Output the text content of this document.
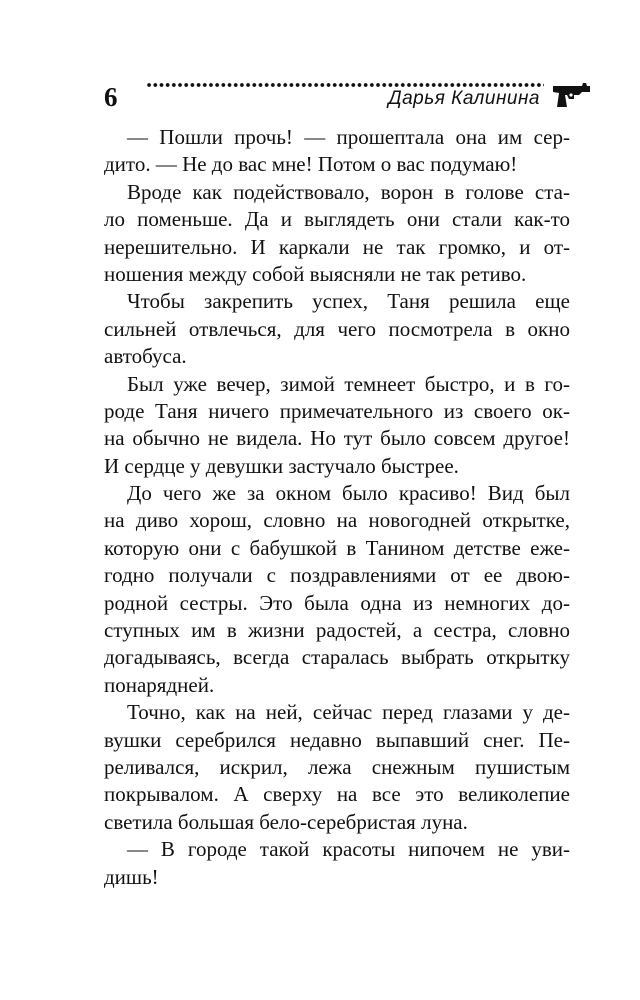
6	Дарья Калинина

— Пошли прочь! — прошептала она им сер-
дито. — Не до вас мне! Потом о вас подумаю!

Вроде как подействовало, ворон в голове ста-
ло поменьше. Да и выглядеть они стали как-то
нерешительно. И каркали не так громко, и от-
ношения между собой выясняли не так ретиво.

Чтобы закрепить успех, Таня решила еще
сильней отвлечься, для чего посмотрела в окно
автобуса.

Был уже вечер, зимой темнеет быстро, и в го-
роде Таня ничего примечательного из своего ок-
на обычно не видела. Но тут было совсем другое!
И сердце у девушки застучало быстрее.

До чего же за окном было красиво! Вид был
на диво хорош, словно на новогодней открытке,
которую они с бабушкой в Танином детстве еже-
годно получали с поздравлениями от ее двою-
родной сестры. Это была одна из немногих до-
ступных им в жизни радостей, а сестра, словно
догадываясь, всегда старалась выбрать открытку
понарядней.

Точно, как на ней, сейчас перед глазами у де-
вушки серебрился недавно выпавший снег. Пе-
реливался, искрил, лежа снежным пушистым
покрывалом. А сверху на все это великолепие
светила большая бело-серебристая луна.

— В городе такой красоты нипочем не уви-
дишь!
